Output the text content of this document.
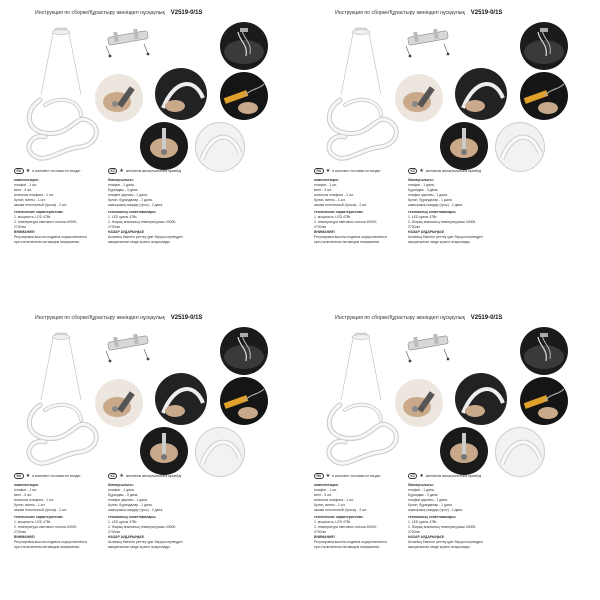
Инструкция по сборке/Құрастыру жөніндегі нұсқаулық V2519-0/1S
RU ★ в комплект поставки не входят
комплектация:
плафон - 1 шт.
винт - 3 шт.
колпачок плафона - 1 шт.
Кулон, винты - 1 шт.
зажим потолочный (тросы) - 2 шт.
технические характеристики:
1. мощность: LED 47Вт.
2. температура светового потока 4000K,
2700лм
ВНИМАНИЕ!
Регулировка высоты подвеса осуществляется
при отключенном питающем напряжении.
KZ ★ жеткізілім жинақтылығына кірмейді
Жинақтылығы:
плафон - 1 дана.
Бұрандаы - 3 дана.
плафон қақпағы - 1 дана.
Кулон, бұрандалар - 1 дана.
шығыршық сымдар (трос) - 2 дана.
техникалық сипаттамалары:
1. LED қуаты 47Вт.
2. Жарық ағынының температурасы 4000К,
2700лм
НАЗАР АУДАРЫҢЫЗ!
Аспаның биіктігін реттеу қуат беруші кернеуден
ажыратылған кезде жүзеге асырылады.
Инструкция по сборке/Құрастыру жөніндегі нұсқаулық V2519-0/1S
RU ★ в комплект поставки не входят
комплектация:
плафон - 1 шт.
винт - 3 шт.
колпачок плафона - 1 шт.
Кулон, винты - 1 шт.
зажим потолочный (тросы) - 2 шт.
технические характеристики:
1. мощность: LED 47Вт.
2. температура светового потока 4000K,
2700лм
ВНИМАНИЕ!
Регулировка высоты подвеса осуществляется
при отключенном питающем напряжении.
KZ ★ жеткізілім жинақтылығына кірмейді
Жинақтылығы:
плафон - 1 дана.
Бұрандаы - 3 дана.
плафон қақпағы - 1 дана.
Кулон, бұрандалар - 1 дана.
шығыршық сымдар (трос) - 2 дана.
техникалық сипаттамалары:
1. LED қуаты 47Вт.
2. Жарық ағынының температурасы 4000К,
2700лм
НАЗАР АУДАРЫҢЫЗ!
Аспаның биіктігін реттеу қуат беруші кернеуден
ажыратылған кезде жүзеге асырылады.
Инструкция по сборке/Құрастыру жөніндегі нұсқаулық V2519-0/1S
RU ★ в комплект поставки не входят
комплектация:
плафон - 1 шт.
винт - 3 шт.
колпачок плафона - 1 шт.
Кулон, винты - 1 шт.
зажим потолочный (тросы) - 2 шт.
технические характеристики:
1. мощность: LED 47Вт.
2. температура светового потока 4000K,
2700лм
ВНИМАНИЕ!
Регулировка высоты подвеса осуществляется
при отключенном питающем напряжении.
KZ ★ жеткізілім жинақтылығына кірмейді
Жинақтылығы:
плафон - 1 дана.
Бұрандаы - 3 дана.
плафон қақпағы - 1 дана.
Кулон, бұрандалар - 1 дана.
шығыршық сымдар (трос) - 2 дана.
техникалық сипаттамалары:
1. LED қуаты 47Вт.
2. Жарық ағынының температурасы 4000К,
2700лм
НАЗАР АУДАРЫҢЫЗ!
Аспаның биіктігін реттеу қуат беруші кернеуден
ажыратылған кезде жүзеге асырылады.
Инструкция по сборке/Құрастыру жөніндегі нұсқаулық V2519-0/1S
RU ★ в комплект поставки не входят
комплектация:
плафон - 1 шт.
винт - 3 шт.
колпачок плафона - 1 шт.
Кулон, винты - 1 шт.
зажим потолочный (тросы) - 2 шт.
технические характеристики:
1. мощность: LED 47Вт.
2. температура светового потока 4000K,
2700лм
ВНИМАНИЕ!
Регулировка высоты подвеса осуществляется
при отключенном питающем напряжении.
KZ ★ жеткізілім жинақтылығына кірмейді
Жинақтылығы:
плафон - 1 дана.
Бұрандаы - 3 дана.
плафон қақпағы - 1 дана.
Кулон, бұрандалар - 1 дана.
шығыршық сымдар (трос) - 2 дана.
техникалық сипаттамалары:
1. LED қуаты 47Вт.
2. Жарық ағынының температурасы 4000К,
2700лм
НАЗАР АУДАРЫҢЫЗ!
Аспаның биіктігін реттеу қуат беруші кернеуден
ажыратылған кезде жүзеге асырылады.
